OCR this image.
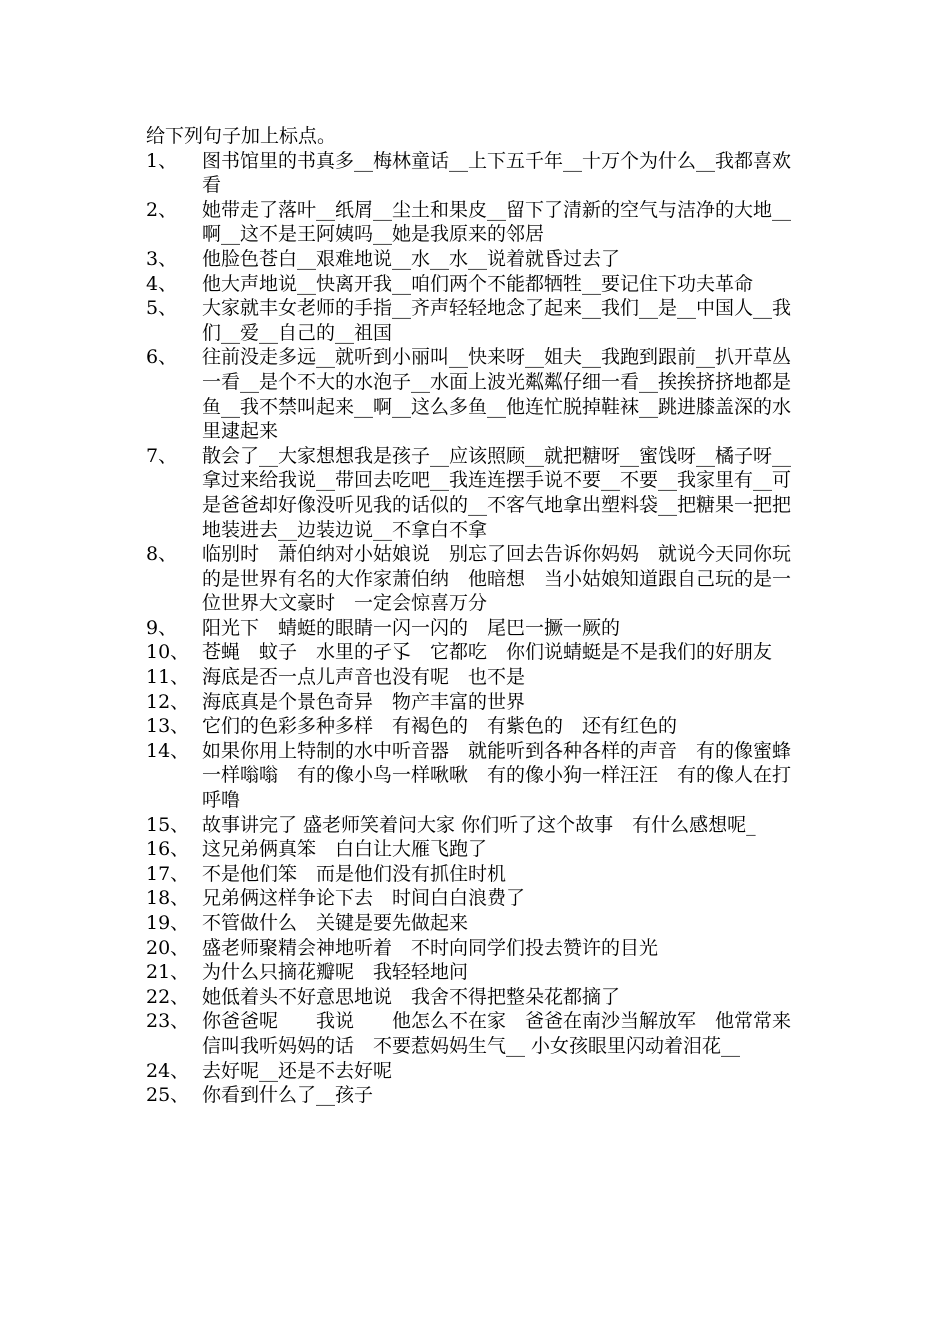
给下列句子加上标点。
1、	图书馆里的书真多__梅林童话__上下五千年__十万个为什么__我都喜欢看
2、	她带走了落叶__纸屑__尘土和果皮__留下了清新的空气与洁净的大地__啊__这不是王阿姨吗__她是我原来的邻居
3、	他脸色苍白__艰难地说__水__水__说着就昏过去了
4、	他大声地说__快离开我__咱们两个不能都牺牲__要记住下功夫革命
5、	大家就丰女老师的手指__齐声轻轻地念了起来__我们__是__中国人__我们__爱__自己的__祖国
6、	往前没走多远__就听到小丽叫__快来呀__姐夫__我跑到跟前__扒开草丛一看__是个不大的水泡子__水面上波光粼粼仔细一看__挨挨挤挤地都是鱼__我不禁叫起来__啊__这么多鱼__他连忙脱掉鞋袜__跳进膝盖深的水里逮起来
7、	散会了__大家想想我是孩子__应该照顾__就把糖呀__蜜饯呀__橘子呀__拿过来给我说__带回去吃吧__我连连摆手说不要__不要__我家里有__可是爸爸却好像没听见我的话似的__不客气地拿出塑料袋__把糖果一把把地装进去__边装边说__不拿白不拿
8、	临别时　萧伯纳对小姑娘说　别忘了回去告诉你妈妈　就说今天同你玩的是世界有名的大作家萧伯纳　他暗想　当小姑娘知道跟自己玩的是一位世界大文豪时　一定会惊喜万分
9、	阳光下　蜻蜓的眼睛一闪一闪的　尾巴一撅一厥的
10、 苍蝇　蚊子　水里的孑孓　它都吃　你们说蜻蜓是不是我们的好朋友
11、 海底是否一点儿声音也没有呢　也不是
12、 海底真是个景色奇异　物产丰富的世界
13、 它们的色彩多种多样　有褐色的　有紫色的　还有红色的
14、 如果你用上特制的水中听音器　就能听到各种各样的声音　有的像蜜蜂一样嗡嗡　有的像小鸟一样啾啾　有的像小狗一样汪汪　有的像人在打呼噜
15、 故事讲完了 盛老师笑着问大家 你们听了这个故事　有什么感想呢_
16、 这兄弟俩真笨　白白让大雁飞跑了
17、 不是他们笨　而是他们没有抓住时机
18、 兄弟俩这样争论下去　时间白白浪费了
19、 不管做什么　关键是要先做起来
20、 盛老师聚精会神地听着　不时向同学们投去赞许的目光
21、 为什么只摘花瓣呢　我轻轻地问
22、 她低着头不好意思地说　我舍不得把整朵花都摘了
23、 你爸爸呢　　我说　　他怎么不在家　爸爸在南沙当解放军　他常常来信叫我听妈妈的话　不要惹妈妈生气__ 小女孩眼里闪动着泪花__
24、 去好呢__还是不去好呢
25、 你看到什么了__孩子
